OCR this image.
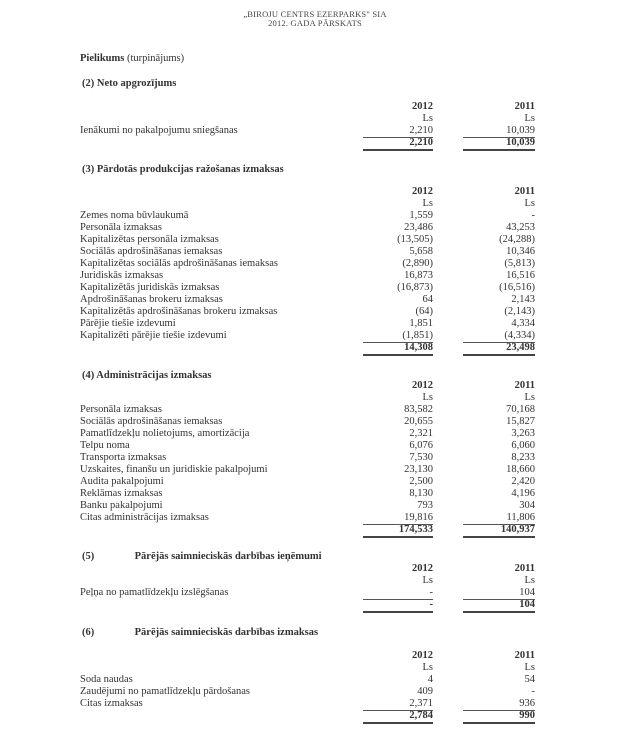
„BIROJU CENTRS EZERPARKS" SIA
2012. GADA PĀRSKATS
Pielikums (turpinājums)
(2) Neto apgrozījums
2012	2011
Ls	Ls
Ienākumi no pakalpojumu sniegšanas	2,210	10,039
2,210	10,039
(3) Pārdotās produkcijas ražošanas izmaksas
2012	2011
Ls	Ls
Zemes noma būvlaukumā	1,559	-
Personāla izmaksas	23,486	43,253
Kapitalizētas personāla izmaksas	(13,505)	(24,288)
Sociālās apdrošināšanas iemaksas	5,658	10,346
Kapitalizētas sociālās apdrošināšanas iemaksas	(2,890)	(5,813)
Juridiskās izmaksas	16,873	16,516
Kapitalizētās juridiskās izmaksas	(16,873)	(16,516)
Apdrošināšanas brokeru izmaksas	64	2,143
Kapitalizētās apdrošināšanas brokeru izmaksas	(64)	(2,143)
Pārējie tiešie izdevumi	1,851	4,334
Kapitalizēti pārējie tiešie izdevumi	(1,851)	(4,334)
14,308	23,498
(4) Administrācijas izmaksas
2012	2011
Ls	Ls
Personāla izmaksas	83,582	70,168
Sociālās apdrošināšanas iemaksas	20,655	15,827
Pamatlīdzekļu nolietojums, amortizācija	2,321	3,263
Telpu noma	6,076	6,060
Transporta izmaksas	7,530	8,233
Uzskaites, finanšu un juridiskie pakalpojumi	23,130	18,660
Audita pakalpojumi	2,500	2,420
Reklāmas izmaksas	8,130	4,196
Banku pakalpojumi	793	304
Citas administrācijas izmaksas	19,816	11,806
174,533	140,937
(5)	Pārējās saimnieciskās darbības ieņēmumi
2012	2011
Ls	Ls
Peļņa no pamatlīdzekļu izslēgšanas	-	104
-	104
(6)	Pārējās saimnieciskās darbības izmaksas
2012	2011
Ls	Ls
Soda naudas	4	54
Zaudējumi no pamatlīdzekļu pārdošanas	409	-
Citas izmaksas	2,371	936
2,784	990
